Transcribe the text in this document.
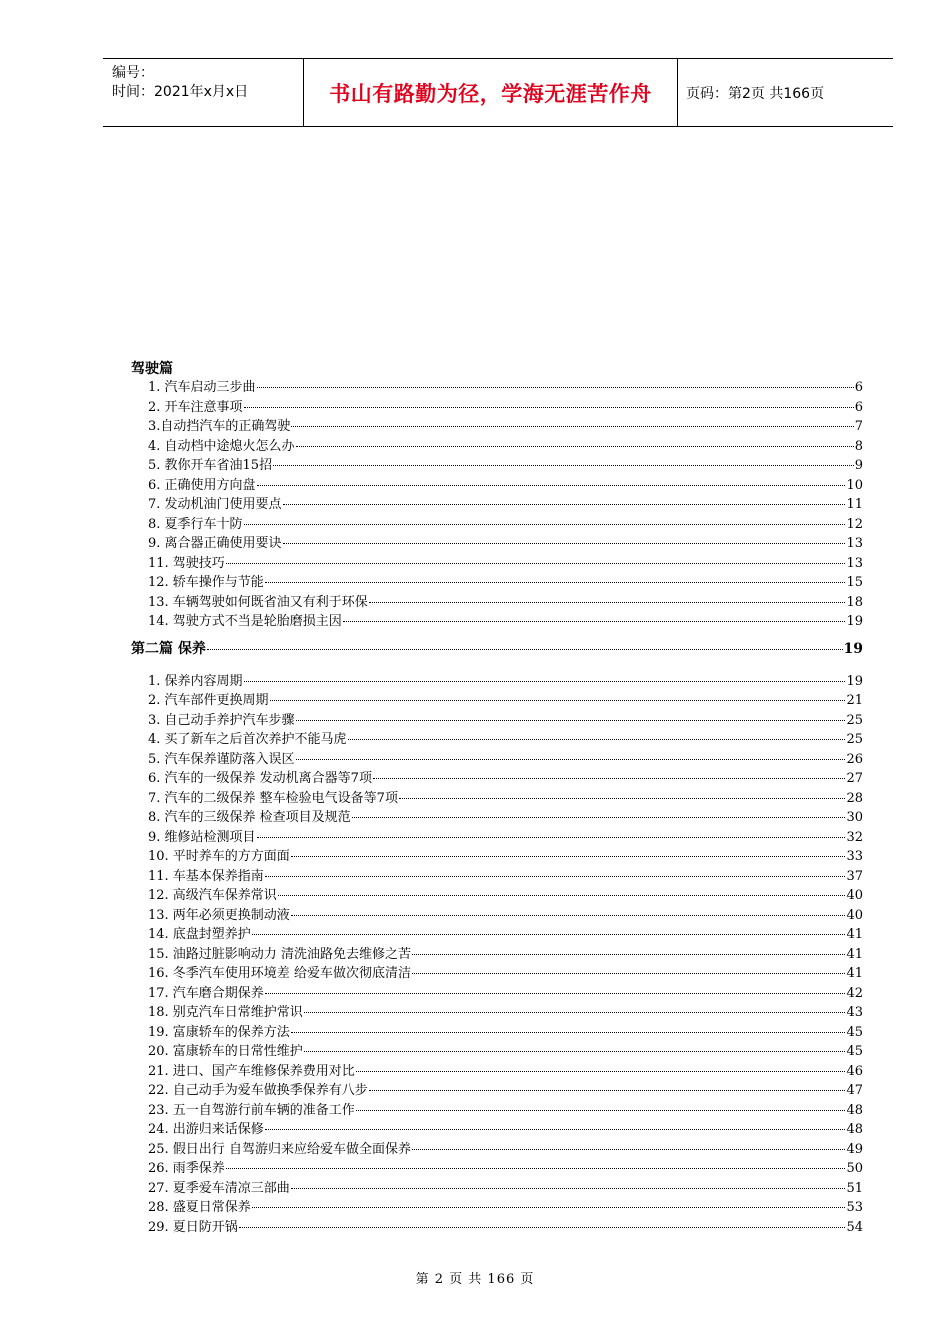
编号：
时间：2021年x月x日	书山有路勤为径，学海无涯苦作舟	页码：第2页 共166页
驾驶篇
1. 汽车启动三步曲	6
2. 开车注意事项	6
3.自动挡汽车的正确驾驶	7
4. 自动档中途熄火怎么办	8
5. 教你开车省油15招	9
6. 正确使用方向盘	10
7. 发动机油门使用要点	11
8. 夏季行车十防	12
9. 离合器正确使用要诀	13
11. 驾驶技巧	13
12. 轿车操作与节能	15
13. 车辆驾驶如何既省油又有利于环保	18
14. 驾驶方式不当是轮胎磨损主因	19
第二篇 保养	19
1. 保养内容周期	19
2. 汽车部件更换周期	21
3. 自己动手养护汽车步骤	25
4. 买了新车之后首次养护不能马虎	25
5. 汽车保养谨防落入误区	26
6. 汽车的一级保养 发动机离合器等7项	27
7. 汽车的二级保养 整车检验电气设备等7项	28
8. 汽车的三级保养 检查项目及规范	30
9. 维修站检测项目	32
10. 平时养车的方方面面	33
11. 车基本保养指南	37
12. 高级汽车保养常识	40
13. 两年必须更换制动液	40
14. 底盘封塑养护	41
15. 油路过脏影响动力 清洗油路免去维修之苦	41
16. 冬季汽车使用环境差 给爱车做次彻底清洁	41
17. 汽车磨合期保养	42
18. 别克汽车日常维护常识	43
19. 富康轿车的保养方法	45
20. 富康轿车的日常性维护	45
21. 进口、国产车维修保养费用对比	46
22. 自己动手为爱车做换季保养有八步	47
23. 五一自驾游行前车辆的准备工作	48
24. 出游归来话保修	48
25. 假日出行 自驾游归来应给爱车做全面保养	49
26. 雨季保养	50
27. 夏季爱车清凉三部曲	51
28. 盛夏日常保养	53
29. 夏日防开锅	54
第 2 页 共 166 页
